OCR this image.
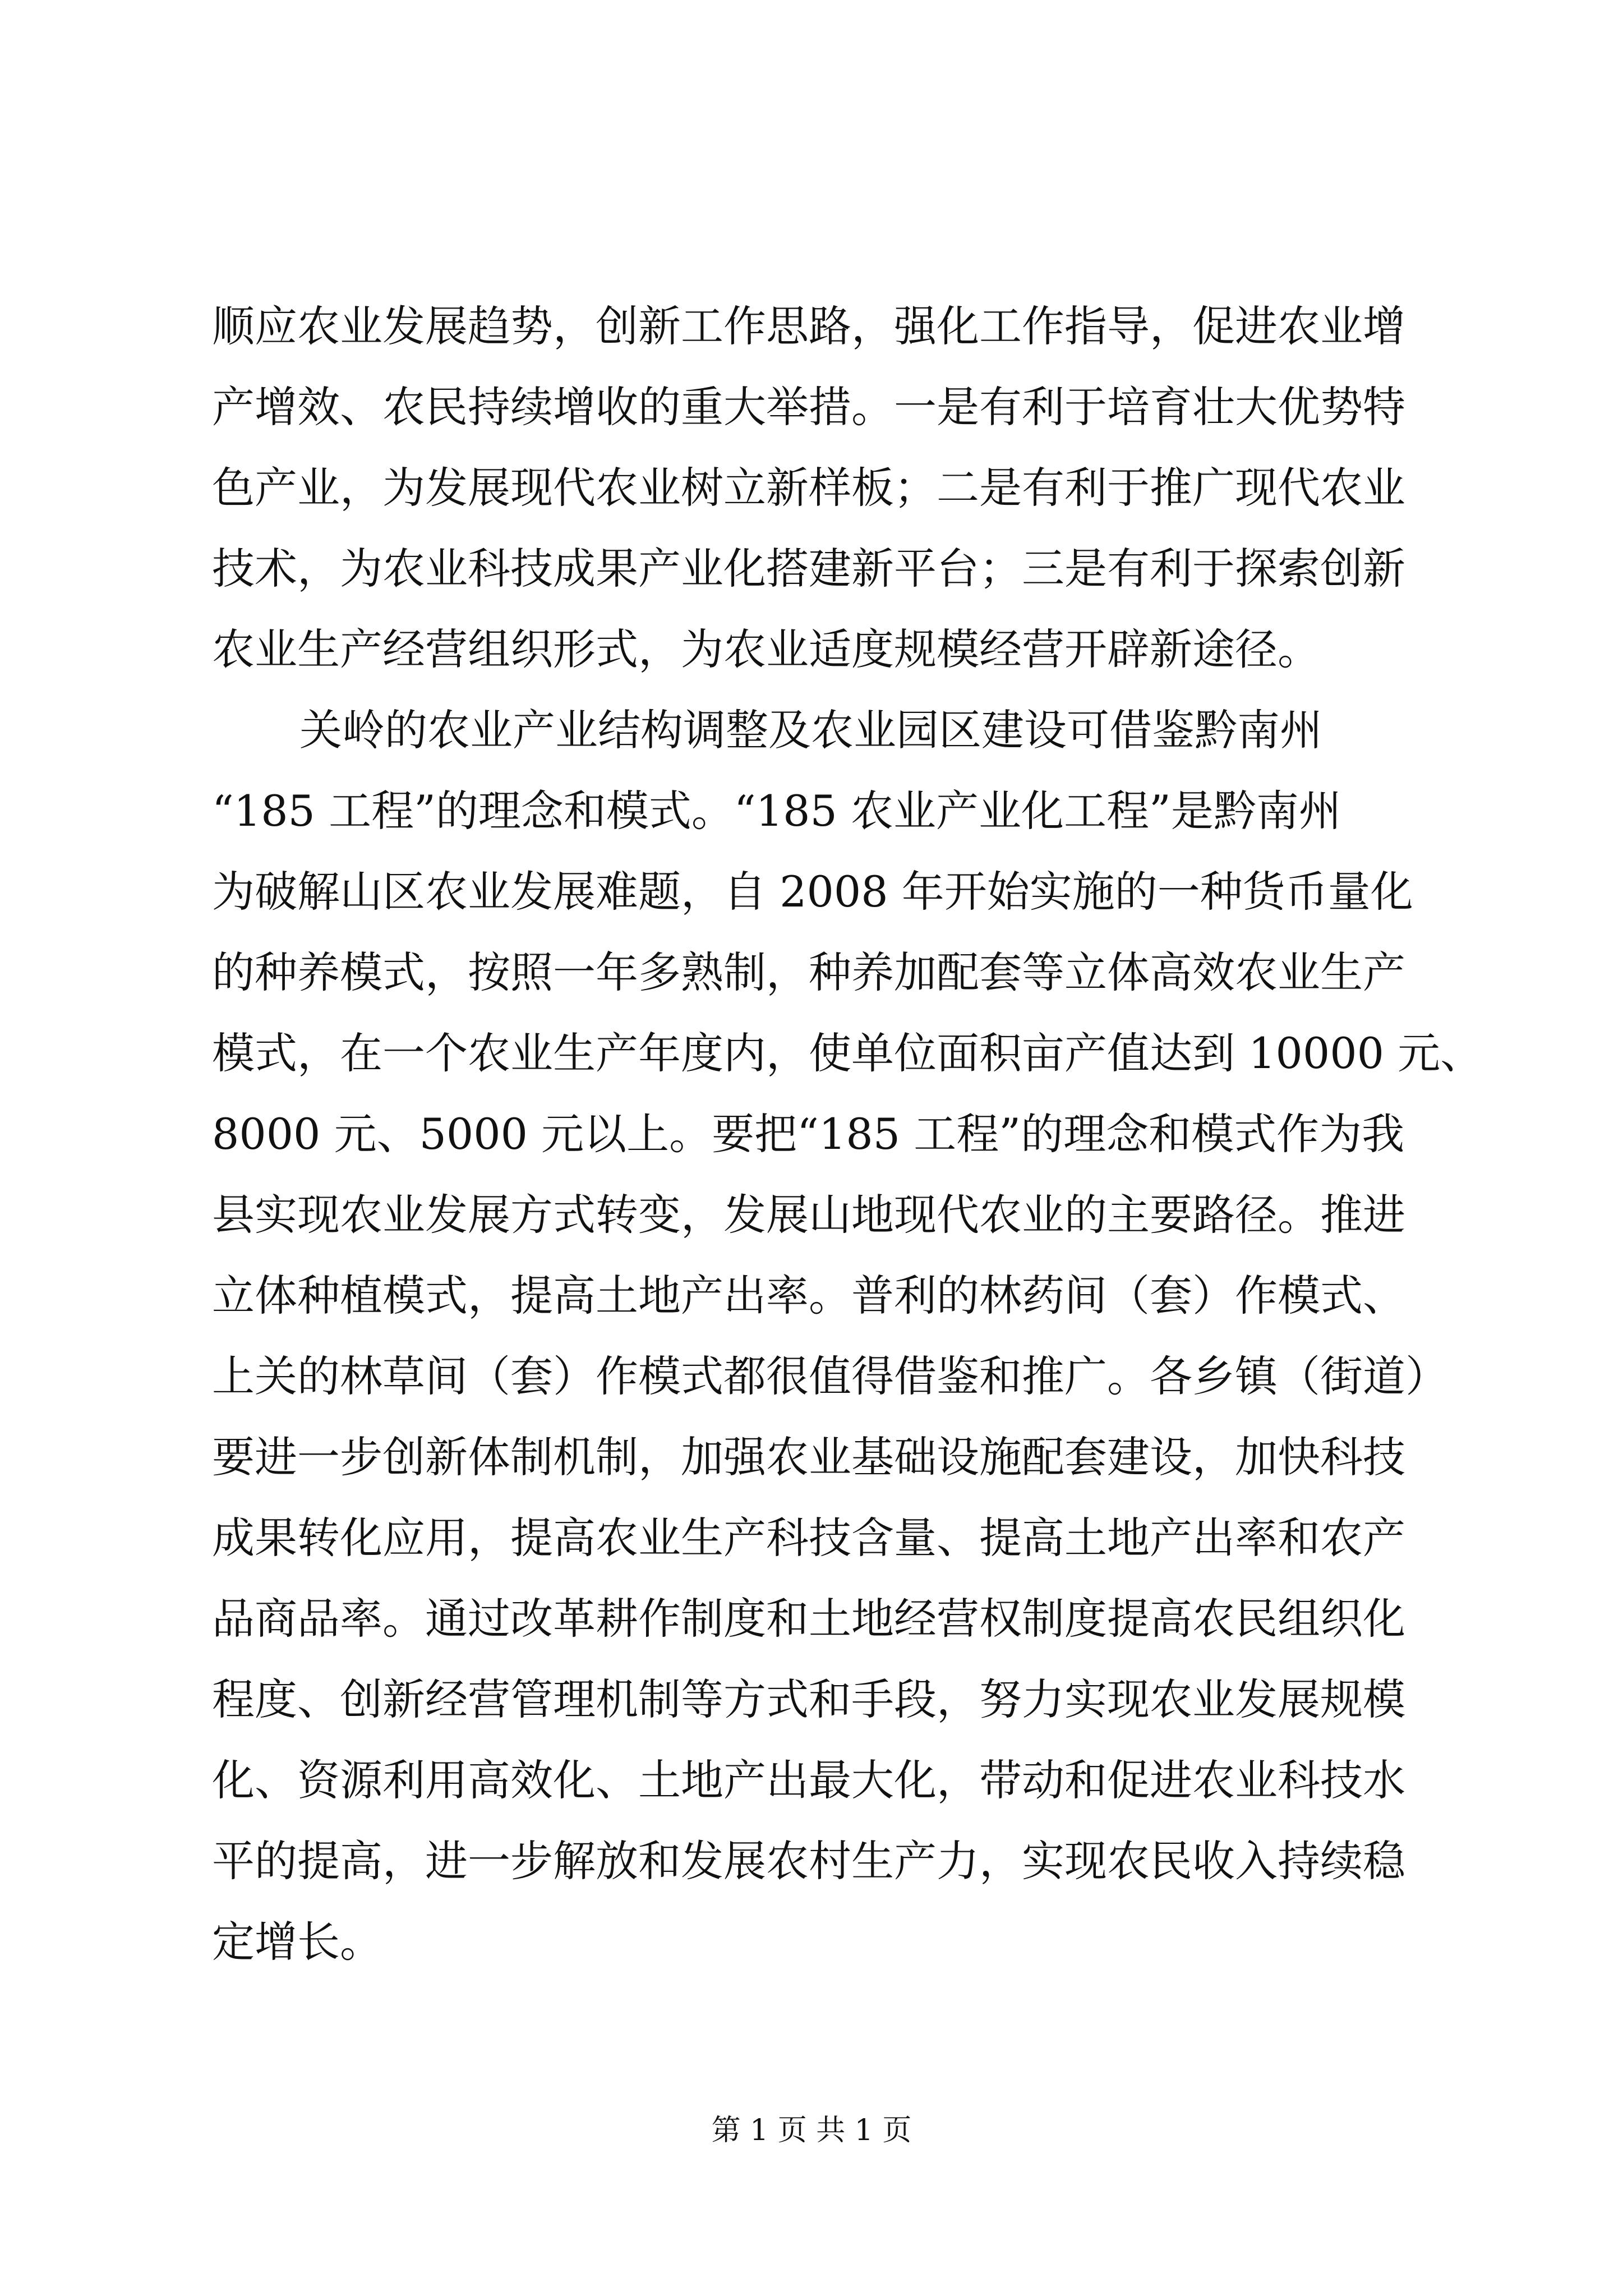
顺应农业发展趋势，创新工作思路，强化工作指导，促进农业增
产增效、农民持续增收的重大举措。一是有利于培育壮大优势特
色产业，为发展现代农业树立新样板；二是有利于推广现代农业
技术，为农业科技成果产业化搭建新平台；三是有利于探索创新
农业生产经营组织形式，为农业适度规模经营开辟新途径。
关岭的农业产业结构调整及农业园区建设可借鉴黔南州
“185 工程”的理念和模式。“185 农业产业化工程”是黔南州
为破解山区农业发展难题，自 2008 年开始实施的一种货币量化
的种养模式，按照一年多熟制，种养加配套等立体高效农业生产
模式，在一个农业生产年度内，使单位面积亩产值达到 10000 元、
8000 元、5000 元以上。要把“185 工程”的理念和模式作为我
县实现农业发展方式转变，发展山地现代农业的主要路径。推进
立体种植模式，提高土地产出率。普利的林药间（套）作模式、
上关的林草间（套）作模式都很值得借鉴和推广。各乡镇（街道）
要进一步创新体制机制，加强农业基础设施配套建设，加快科技
成果转化应用，提高农业生产科技含量、提高土地产出率和农产
品商品率。通过改革耕作制度和土地经营权制度提高农民组织化
程度、创新经营管理机制等方式和手段，努力实现农业发展规模
化、资源利用高效化、土地产出最大化，带动和促进农业科技水
平的提高，进一步解放和发展农村生产力，实现农民收入持续稳
定增长。
第 1 页 共 1 页
